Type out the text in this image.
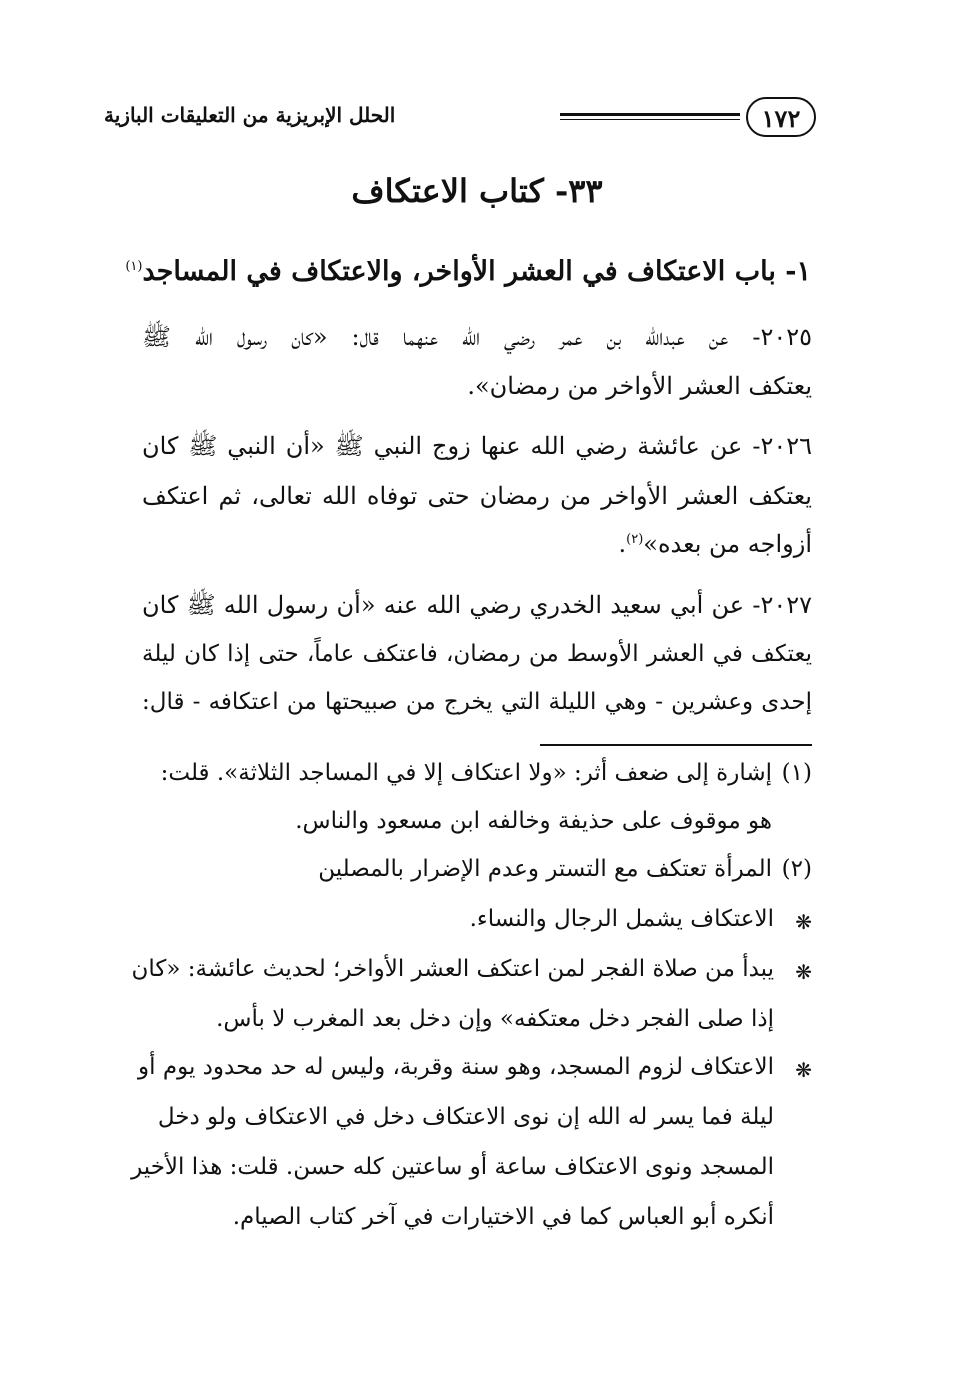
١٧٢
الحلل الإبريزية من التعليقات البازية
٣٣- كتاب الاعتكاف
١- باب الاعتكاف في العشر الأواخر، والاعتكاف في المساجد$^{(١)}$
٢٠٢٥- عن عبدالله بن عمر رضي الله عنهما قال: «كان رسول الله ﷺ
يعتكف العشر الأواخر من رمضان».
٢٠٢٦- عن عائشة رضي الله عنها زوج النبي ﷺ «أن النبي ﷺ كان
يعتكف العشر الأواخر من رمضان حتى توفاه الله تعالى، ثم اعتكف
أزواجه من بعده»$^{(٢)}$.
٢٠٢٧- عن أبي سعيد الخدري رضي الله عنه «أن رسول الله ﷺ كان
يعتكف في العشر الأوسط من رمضان، فاعتكف عاماً، حتى إذا كان ليلة
إحدى وعشرين - وهي الليلة التي يخرج من صبيحتها من اعتكافه - قال:
(١)
إشارة إلى ضعف أثر: «ولا اعتكاف إلا في المساجد الثلاثة». قلت:
هو موقوف على حذيفة وخالفه ابن مسعود والناس.
(٢)
المرأة تعتكف مع التستر وعدم الإضرار بالمصلين
❋
الاعتكاف يشمل الرجال والنساء.
❋
يبدأ من صلاة الفجر لمن اعتكف العشر الأواخر؛ لحديث عائشة: «كان
إذا صلى الفجر دخل معتكفه» وإن دخل بعد المغرب لا بأس.
❋
الاعتكاف لزوم المسجد، وهو سنة وقربة، وليس له حد محدود يوم أو
ليلة فما يسر له الله إن نوى الاعتكاف دخل في الاعتكاف ولو دخل
المسجد ونوى الاعتكاف ساعة أو ساعتين كله حسن. قلت: هذا الأخير
أنكره أبو العباس كما في الاختيارات في آخر كتاب الصيام.
